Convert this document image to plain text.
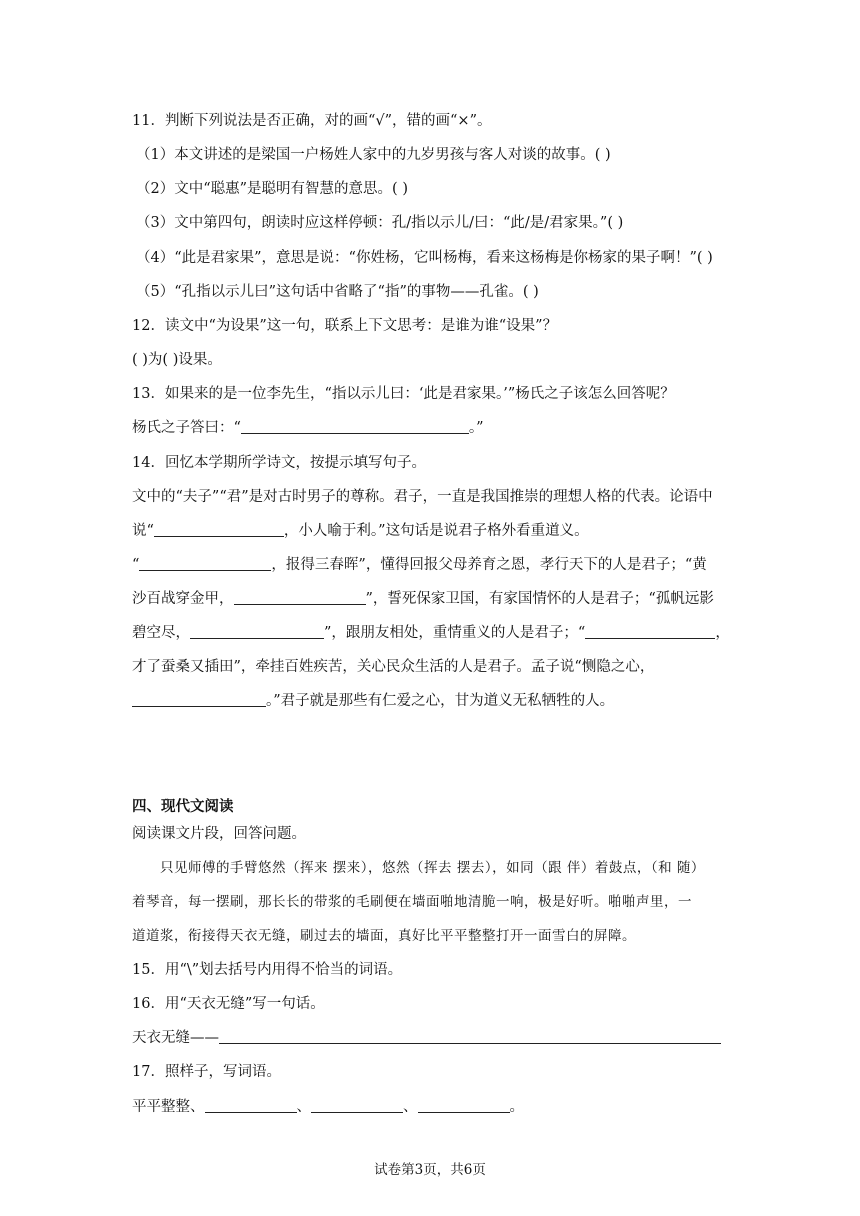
11．判断下列说法是否正确，对的画“√”，错的画“×”。
（1）本文讲述的是梁国一户杨姓人家中的九岁男孩与客人对谈的故事。( )
（2）文中“聪惠”是聪明有智慧的意思。( )
（3）文中第四句，朗读时应这样停顿：孔/指以示儿/曰：“此/是/君家果。”( )
（4）“此是君家果”，意思是说：“你姓杨，它叫杨梅，看来这杨梅是你杨家的果子啊！”( )
（5）“孔指以示儿曰”这句话中省略了“指”的事物——孔雀。( )
12．读文中“为设果”这一句，联系上下文思考：是谁为谁“设果”？
( )为( )设果。
13．如果来的是一位李先生，“指以示儿曰：‘此是君家果。’”杨氏之子该怎么回答呢？
杨氏之子答曰：“	。”
14．回忆本学期所学诗文，按提示填写句子。
文中的“夫子”“君”是对古时男子的尊称。君子，一直是我国推崇的理想人格的代表。论语中
说“	，小人喻于利。”这句话是说君子格外看重道义。
“	，报得三春晖”，懂得回报父母养育之恩，孝行天下的人是君子；“黄
沙百战穿金甲，	”，誓死保家卫国，有家国情怀的人是君子；“孤帆远影
碧空尽，	”，跟朋友相处，重情重义的人是君子；“	，
才了蚕桑又插田”，牵挂百姓疾苦，关心民众生活的人是君子。孟子说“恻隐之心，
。”君子就是那些有仁爱之心，甘为道义无私牺牲的人。
四、现代文阅读
阅读课文片段，回答问题。
只见师傅的手臂悠然（挥来 摆来），悠然（挥去 摆去），如同（跟 伴）着鼓点，（和 随）
着琴音，每一摆刷，那长长的带浆的毛刷便在墙面啪地清脆一响，极是好听。啪啪声里，一
道道浆，衔接得天衣无缝，刷过去的墙面，真好比平平整整打开一面雪白的屏障。
15．用“\”划去括号内用得不恰当的词语。
16．用“天衣无缝”写一句话。
天衣无缝——
17．照样子，写词语。
平平整整、	、	、	。
试卷第3页，共6页
